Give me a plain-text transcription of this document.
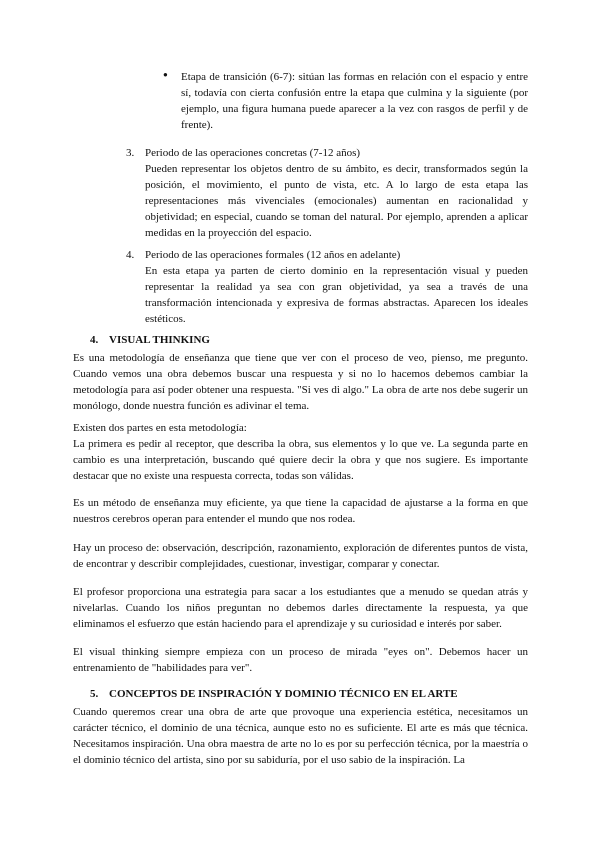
● Etapa de transición (6-7): sitúan las formas en relación con el espacio y entre sí, todavía con cierta confusión entre la etapa que culmina y la siguiente (por ejemplo, una figura humana puede aparecer a la vez con rasgos de perfil y de frente).

3. Periodo de las operaciones concretas (7-12 años)

Pueden representar los objetos dentro de su ámbito, es decir, transformados según la posición, el movimiento, el punto de vista, etc. A lo largo de esta etapa las representaciones más vivenciales (emocionales) aumentan en racionalidad y objetividad; en especial, cuando se toman del natural. Por ejemplo, aprenden a aplicar medidas en la proyección del espacio.

4. Periodo de las operaciones formales (12 años en adelante)

En esta etapa ya parten de cierto dominio en la representación visual y pueden representar la realidad ya sea con gran objetividad, ya sea a través de una transformación intencionada y expresiva de formas abstractas. Aparecen los ideales estéticos.

4. VISUAL THINKING

Es una metodología de enseñanza que tiene que ver con el proceso de veo, pienso, me pregunto. Cuando vemos una obra debemos buscar una respuesta y si no lo hacemos debemos cambiar la metodología para así poder obtener una respuesta. "Si ves di algo." La obra de arte nos debe sugerir un monólogo, donde nuestra función es adivinar el tema.

Existen dos partes en esta metodología:

La primera es pedir al receptor, que describa la obra, sus elementos y lo que ve. La segunda parte en cambio es una interpretación, buscando qué quiere decir la obra y que nos sugiere. Es importante destacar que no existe una respuesta correcta, todas son válidas.

Es un método de enseñanza muy eficiente, ya que tiene la capacidad de ajustarse a la forma en que nuestros cerebros operan para entender el mundo que nos rodea.

Hay un proceso de: observación, descripción, razonamiento, exploración de diferentes puntos de vista, de encontrar y describir complejidades, cuestionar, investigar, comparar y conectar.

El profesor proporciona una estrategia para sacar a los estudiantes que a menudo se quedan atrás y nivelarlas. Cuando los niños preguntan no debemos darles directamente la respuesta, ya que eliminamos el esfuerzo que están haciendo para el aprendizaje y su curiosidad e interés por saber.

El visual thinking siempre empieza con un proceso de mirada "eyes on". Debemos hacer un entrenamiento de "habilidades para ver".

5. CONCEPTOS DE INSPIRACIÓN Y DOMINIO TÉCNICO EN EL ARTE

Cuando queremos crear una obra de arte que provoque una experiencia estética, necesitamos un carácter técnico, el dominio de una técnica, aunque esto no es suficiente. El arte es más que técnica. Necesitamos inspiración. Una obra maestra de arte no lo es por su perfección técnica, por la maestría o el dominio técnico del artista, sino por su sabiduría, por el uso sabio de la inspiración. La
